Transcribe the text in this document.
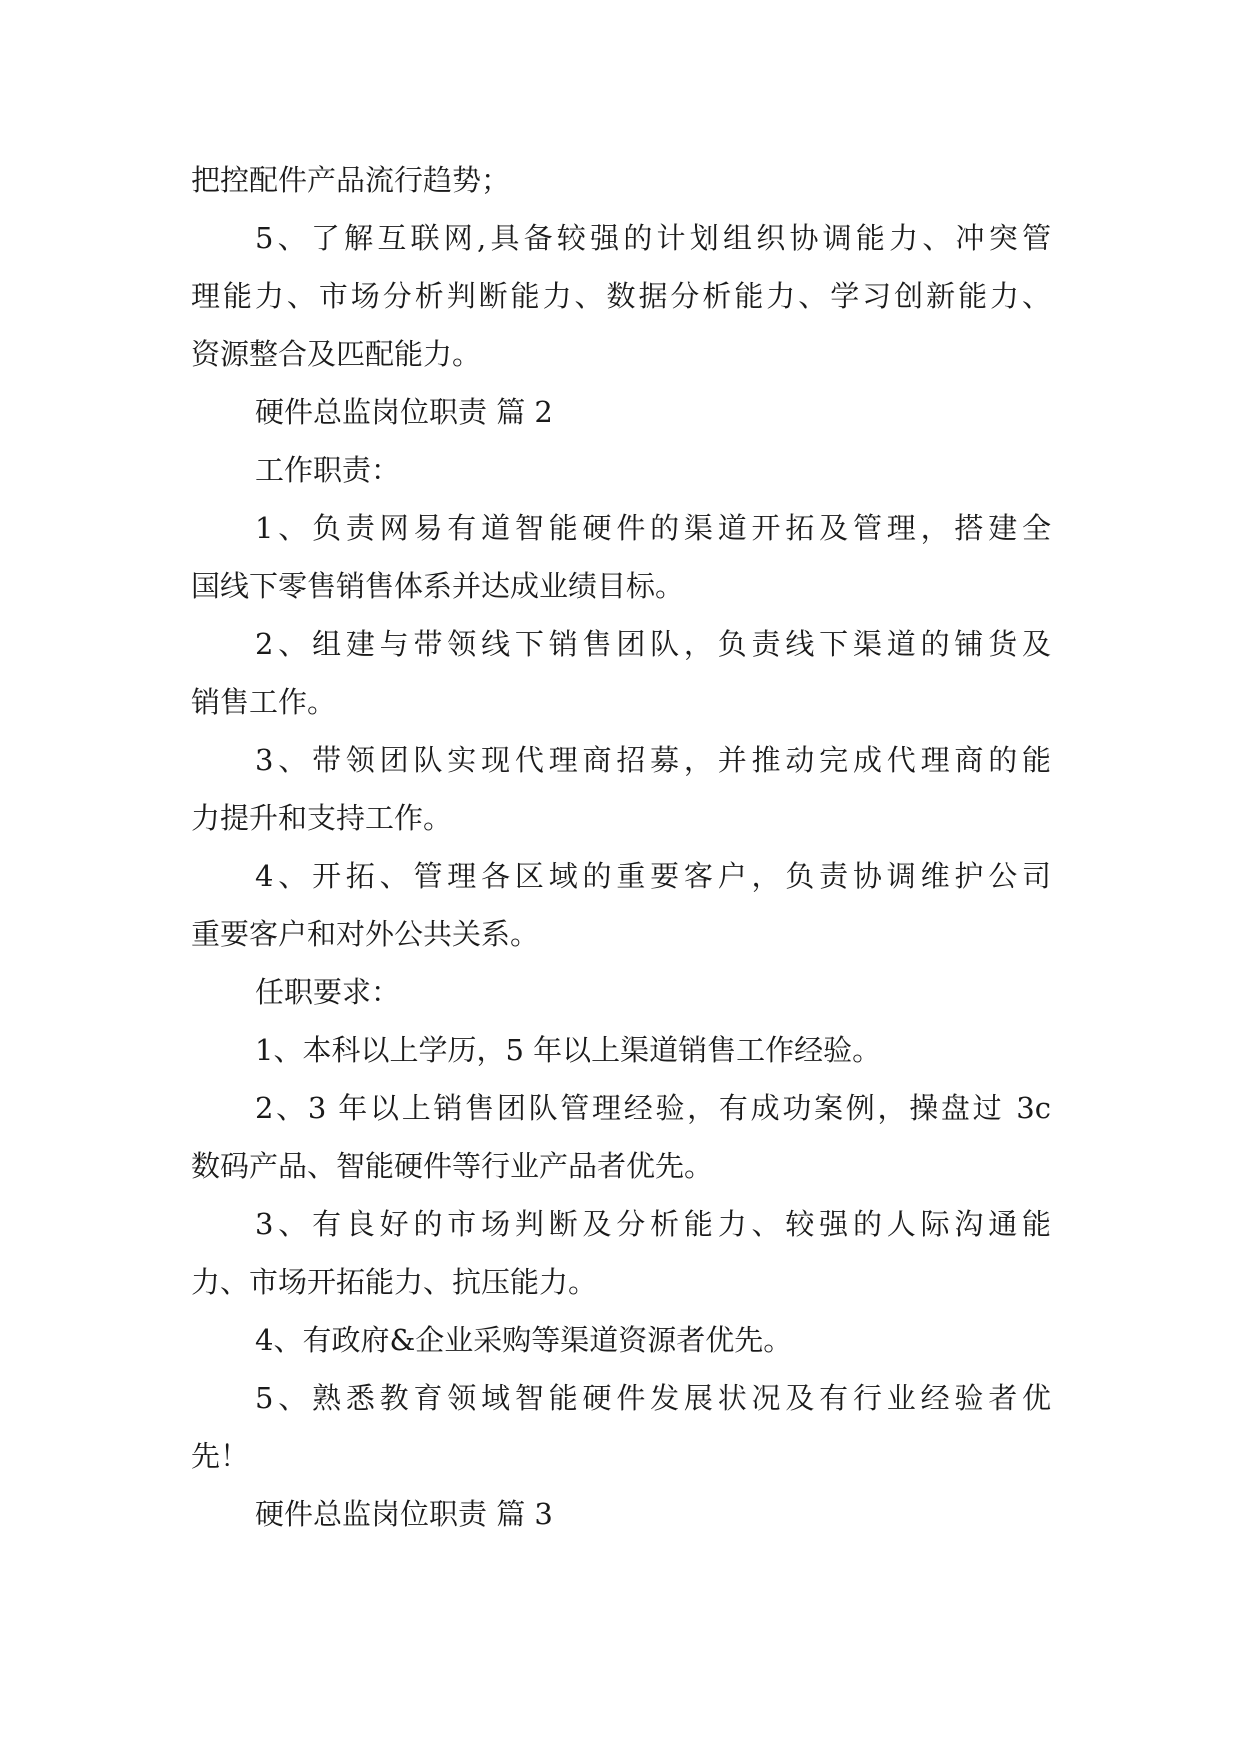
把控配件产品流行趋势；
5、了解互联网,具备较强的计划组织协调能力、冲突管
理能力、市场分析判断能力、数据分析能力、学习创新能力、
资源整合及匹配能力。
硬件总监岗位职责 篇 2
工作职责：
1、负责网易有道智能硬件的渠道开拓及管理，搭建全
国线下零售销售体系并达成业绩目标。
2、组建与带领线下销售团队，负责线下渠道的铺货及
销售工作。
3、带领团队实现代理商招募，并推动完成代理商的能
力提升和支持工作。
4、开拓、管理各区域的重要客户，负责协调维护公司
重要客户和对外公共关系。
任职要求：
1、本科以上学历，5 年以上渠道销售工作经验。
2、3 年以上销售团队管理经验，有成功案例，操盘过 3c
数码产品、智能硬件等行业产品者优先。
3、有良好的市场判断及分析能力、较强的人际沟通能
力、市场开拓能力、抗压能力。
4、有政府&企业采购等渠道资源者优先。
5、熟悉教育领域智能硬件发展状况及有行业经验者优
先！
硬件总监岗位职责 篇 3
